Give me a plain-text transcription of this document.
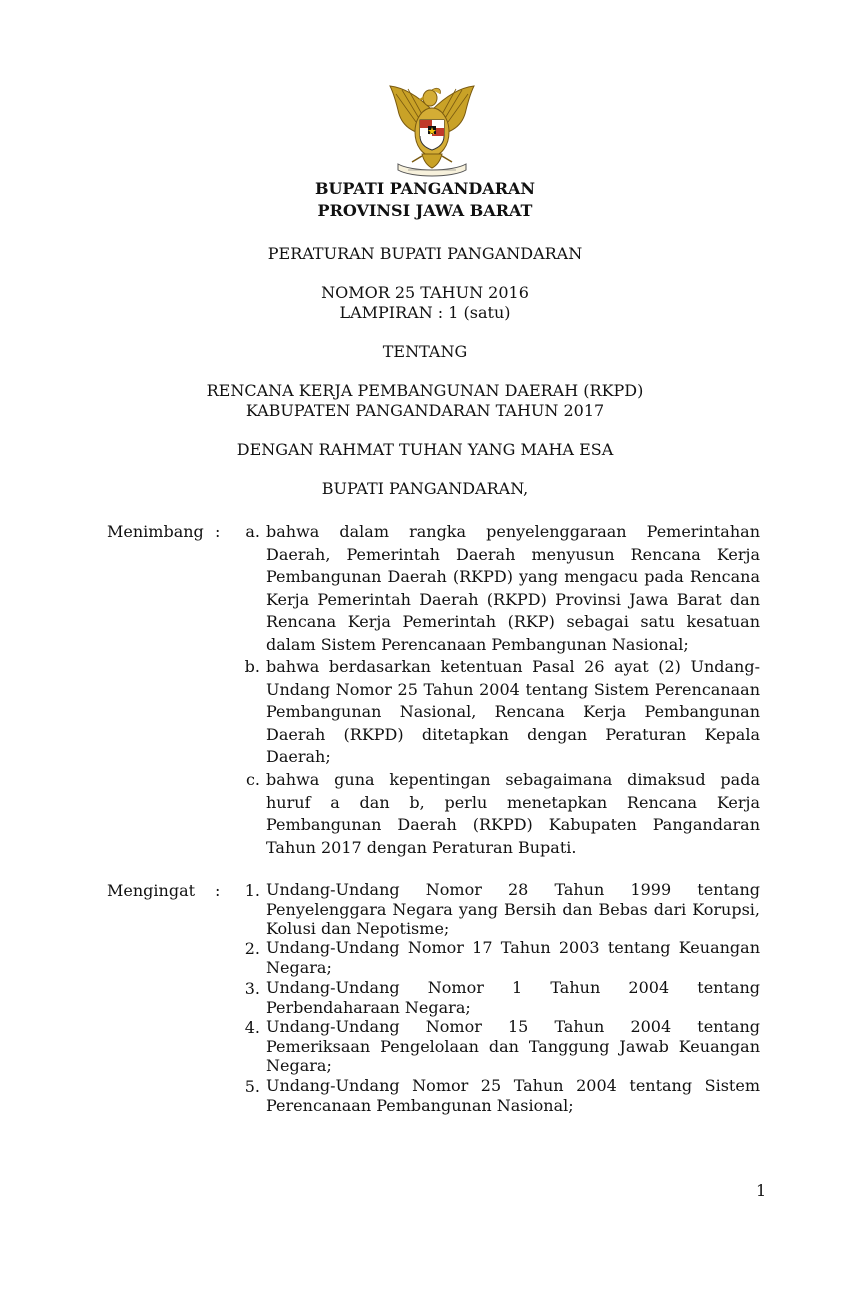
BUPATI PANGANDARAN
PROVINSI JAWA BARAT
PERATURAN BUPATI PANGANDARAN
NOMOR 25 TAHUN 2016
LAMPIRAN : 1 (satu)
TENTANG
RENCANA KERJA PEMBANGUNAN DAERAH (RKPD)
KABUPATEN PANGANDARAN TAHUN 2017
DENGAN RAHMAT TUHAN YANG MAHA ESA
BUPATI PANGANDARAN,
Menimbang :	a. bahwa dalam rangka penyelenggaraan Pemerintahan Daerah, Pemerintah Daerah menyusun Rencana Kerja Pembangunan Daerah (RKPD) yang mengacu pada Rencana Kerja Pemerintah Daerah (RKPD) Provinsi Jawa Barat dan Rencana Kerja Pemerintah (RKP) sebagai satu kesatuan dalam Sistem Perencanaan Pembangunan Nasional;
b. bahwa berdasarkan ketentuan Pasal 26 ayat (2) Undang-Undang Nomor 25 Tahun 2004 tentang Sistem Perencanaan Pembangunan Nasional, Rencana Kerja Pembangunan Daerah (RKPD) ditetapkan dengan Peraturan Kepala Daerah;
c. bahwa guna kepentingan sebagaimana dimaksud pada huruf a dan b, perlu menetapkan Rencana Kerja Pembangunan Daerah (RKPD) Kabupaten Pangandaran Tahun 2017 dengan Peraturan Bupati.
Mengingat :	1. Undang-Undang Nomor 28 Tahun 1999 tentang Penyelenggara Negara yang Bersih dan Bebas dari Korupsi, Kolusi dan Nepotisme;
2. Undang-Undang Nomor 17 Tahun 2003 tentang Keuangan Negara;
3. Undang-Undang Nomor 1 Tahun 2004 tentang Perbendaharaan Negara;
4. Undang-Undang Nomor 15 Tahun 2004 tentang Pemeriksaan Pengelolaan dan Tanggung Jawab Keuangan Negara;
5. Undang-Undang Nomor 25 Tahun 2004 tentang Sistem Perencanaan Pembangunan Nasional;
1
